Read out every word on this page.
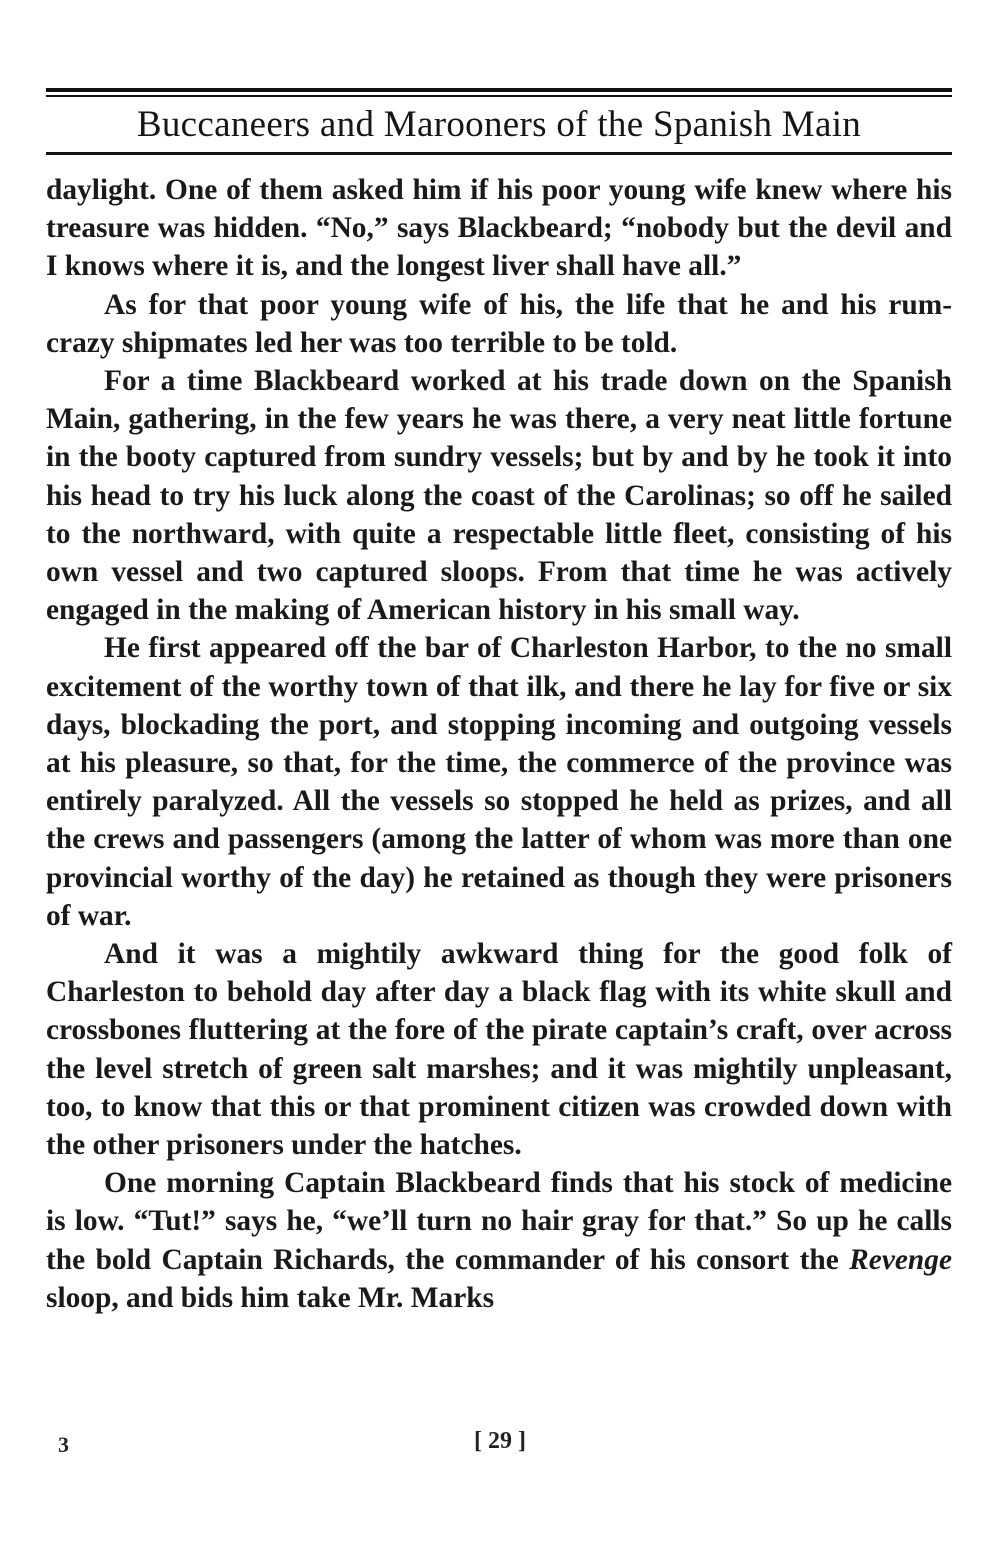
Buccaneers and Marooners of the Spanish Main

daylight. One of them asked him if his poor young wife knew where his treasure was hidden. “No,” says Blackbeard; “nobody but the devil and I knows where it is, and the longest liver shall have all.”

As for that poor young wife of his, the life that he and his rum-crazy shipmates led her was too terrible to be told.

For a time Blackbeard worked at his trade down on the Spanish Main, gathering, in the few years he was there, a very neat little fortune in the booty captured from sundry vessels; but by and by he took it into his head to try his luck along the coast of the Carolinas; so off he sailed to the northward, with quite a respectable little fleet, consisting of his own vessel and two captured sloops. From that time he was actively engaged in the making of American history in his small way.

He first appeared off the bar of Charleston Harbor, to the no small excitement of the worthy town of that ilk, and there he lay for five or six days, blockading the port, and stopping incoming and outgoing vessels at his pleasure, so that, for the time, the commerce of the province was entirely paralyzed. All the vessels so stopped he held as prizes, and all the crews and passengers (among the latter of whom was more than one provincial worthy of the day) he retained as though they were prisoners of war.

And it was a mightily awkward thing for the good folk of Charleston to behold day after day a black flag with its white skull and crossbones fluttering at the fore of the pirate captain’s craft, over across the level stretch of green salt marshes; and it was mightily unpleasant, too, to know that this or that prominent citizen was crowded down with the other prisoners under the hatches.

One morning Captain Blackbeard finds that his stock of medicine is low. “Tut!” says he, “we’ll turn no hair gray for that.” So up he calls the bold Captain Richards, the commander of his consort the Revenge sloop, and bids him take Mr. Marks

3	[ 29 ]
